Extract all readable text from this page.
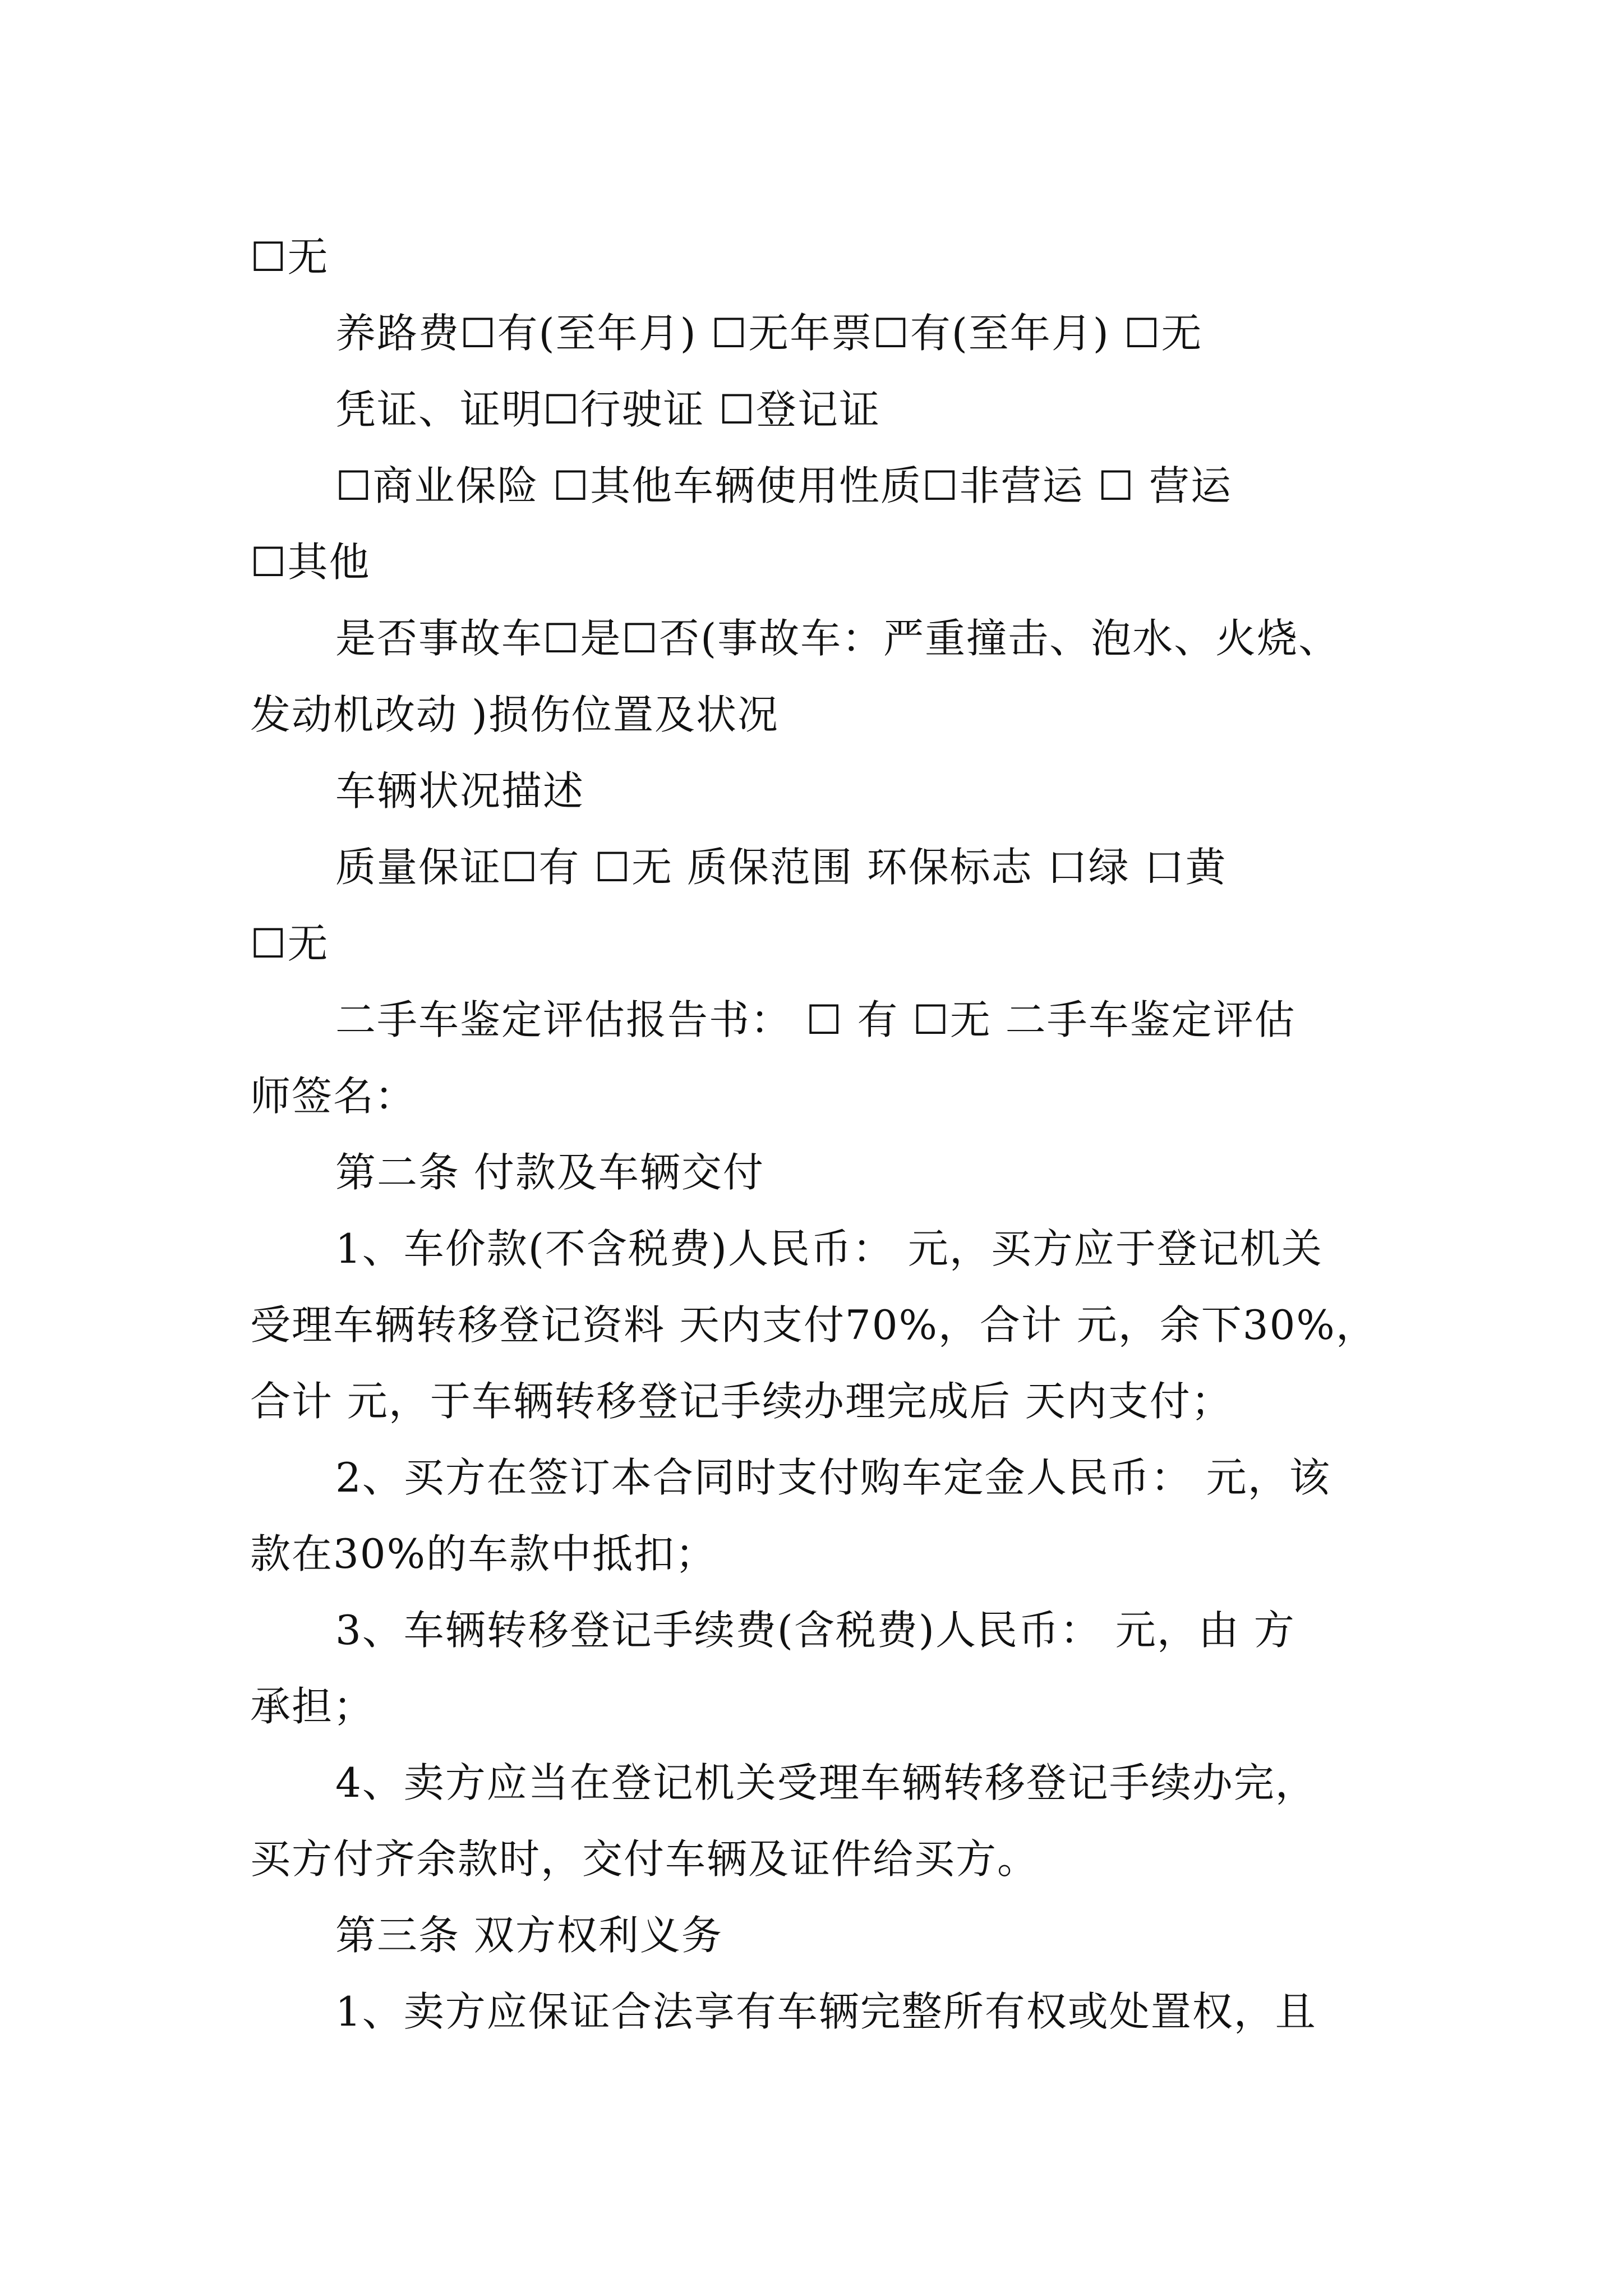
☐无
养路费☐有(至年月) ☐无年票☐有(至年月) ☐无
凭证、证明☐行驶证 ☐登记证
☐商业保险 ☐其他车辆使用性质☐非营运 ☐ 营运
☐其他
是否事故车☐是☐否(事故车：严重撞击、泡水、火烧、
发动机改动 )损伤位置及状况
车辆状况描述
质量保证☐有 ☐无 质保范围 环保标志 口绿 口黄
☐无
二手车鉴定评估报告书： ☐ 有 ☐无 二手车鉴定评估
师签名：
第二条 付款及车辆交付
1、车价款(不含税费)人民币： 元，买方应于登记机关
受理车辆转移登记资料 天内支付70%，合计 元，余下30%，
合计 元，于车辆转移登记手续办理完成后 天内支付；
2、买方在签订本合同时支付购车定金人民币： 元，该
款在30%的车款中抵扣；
3、车辆转移登记手续费(含税费)人民币： 元，由 方
承担；
4、卖方应当在登记机关受理车辆转移登记手续办完，
买方付齐余款时，交付车辆及证件给买方。
第三条 双方权利义务
1、卖方应保证合法享有车辆完整所有权或处置权，且
